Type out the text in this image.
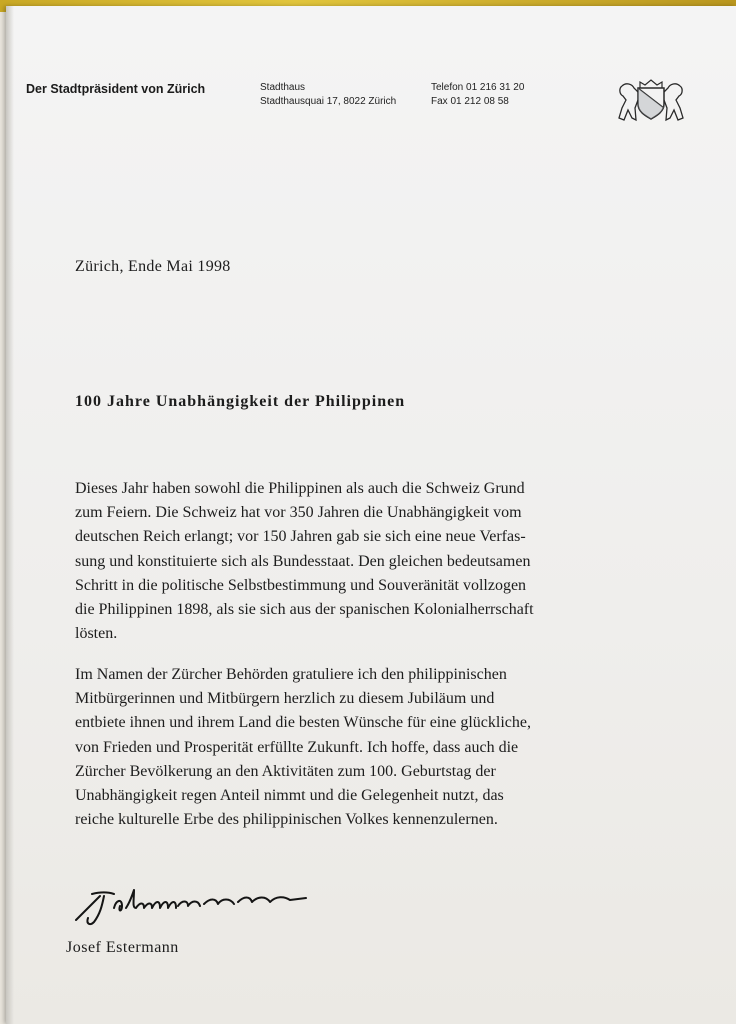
Der Stadtpräsident von Zürich	Stadthaus
Stadthausquai 17, 8022 Zürich
Telefon 01 216 31 20
Fax 01 212 08 58
Zürich, Ende Mai 1998
100 Jahre Unabhängigkeit der Philippinen
Dieses Jahr haben sowohl die Philippinen als auch die Schweiz Grund
zum Feiern. Die Schweiz hat vor 350 Jahren die Unabhängigkeit vom
deutschen Reich erlangt; vor 150 Jahren gab sie sich eine neue Verfas-
sung und konstituierte sich als Bundesstaat. Den gleichen bedeutsamen
Schritt in die politische Selbstbestimmung und Souveränität vollzogen
die Philippinen 1898, als sie sich aus der spanischen Kolonialherrschaft
lösten.
Im Namen der Zürcher Behörden gratuliere ich den philippinischen
Mitbürgerinnen und Mitbürgern herzlich zu diesem Jubiläum und
entbiete ihnen und ihrem Land die besten Wünsche für eine glückliche,
von Frieden und Prosperität erfüllte Zukunft. Ich hoffe, dass auch die
Zürcher Bevölkerung an den Aktivitäten zum 100. Geburtstag der
Unabhängigkeit regen Anteil nimmt und die Gelegenheit nutzt, das
reiche kulturelle Erbe des philippinischen Volkes kennenzulernen.
Josef Estermann
